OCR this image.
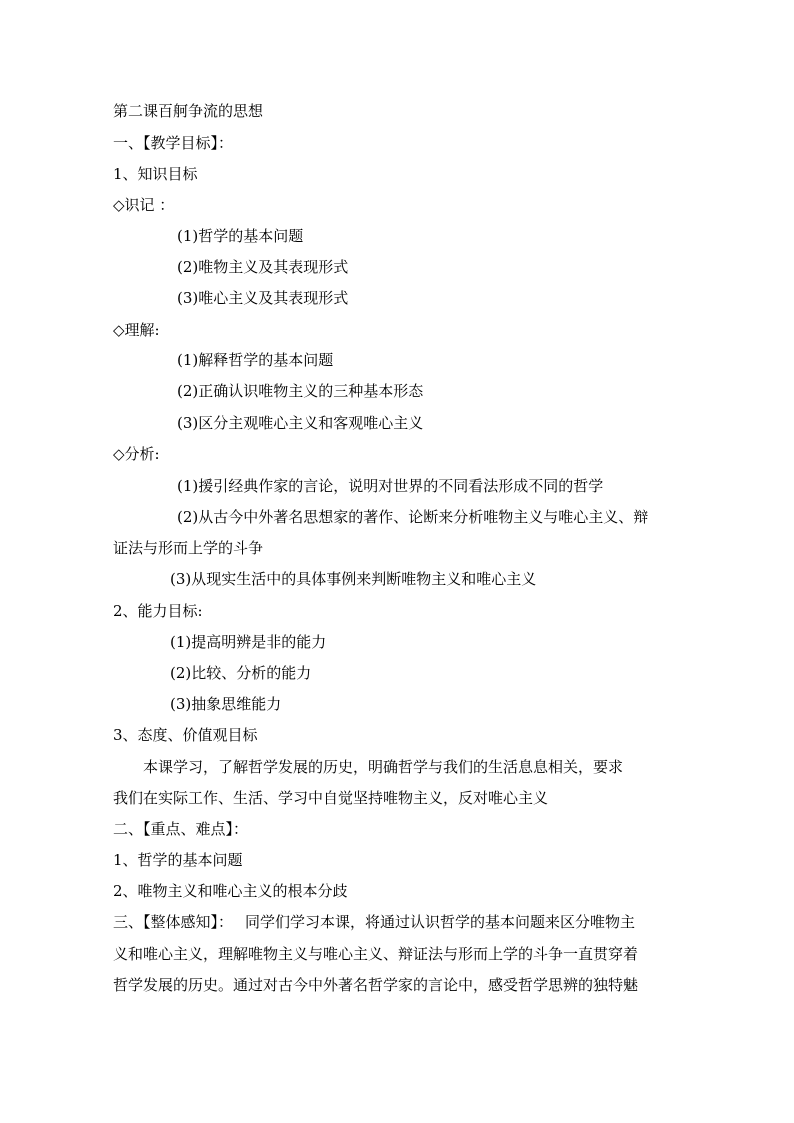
第二课百舸争流的思想
一、【教学目标】：
1、知识目标
◇识记 ：
(1)哲学的基本问题
(2)唯物主义及其表现形式
(3)唯心主义及其表现形式
◇理解:
(1)解释哲学的基本问题
(2)正确认识唯物主义的三种基本形态
(3)区分主观唯心主义和客观唯心主义
◇分析:
(1)援引经典作家的言论，说明对世界的不同看法形成不同的哲学
(2)从古今中外著名思想家的著作、论断来分析唯物主义与唯心主义、辩
证法与形而上学的斗争
(3)从现实生活中的具体事例来判断唯物主义和唯心主义
2、能力目标:
(1)提高明辨是非的能力
(2)比较、分析的能力
(3)抽象思维能力
3、态度、价值观目标
本课学习，了解哲学发展的历史，明确哲学与我们的生活息息相关，要求
我们在实际工作、生活、学习中自觉坚持唯物主义，反对唯心主义
二、【重点、难点】：
1、哲学的基本问题
2、唯物主义和唯心主义的根本分歧
三、【整体感知】： 同学们学习本课，将通过认识哲学的基本问题来区分唯物主
义和唯心主义，理解唯物主义与唯心主义、辩证法与形而上学的斗争一直贯穿着
哲学发展的历史。通过对古今中外著名哲学家的言论中，感受哲学思辨的独特魅
